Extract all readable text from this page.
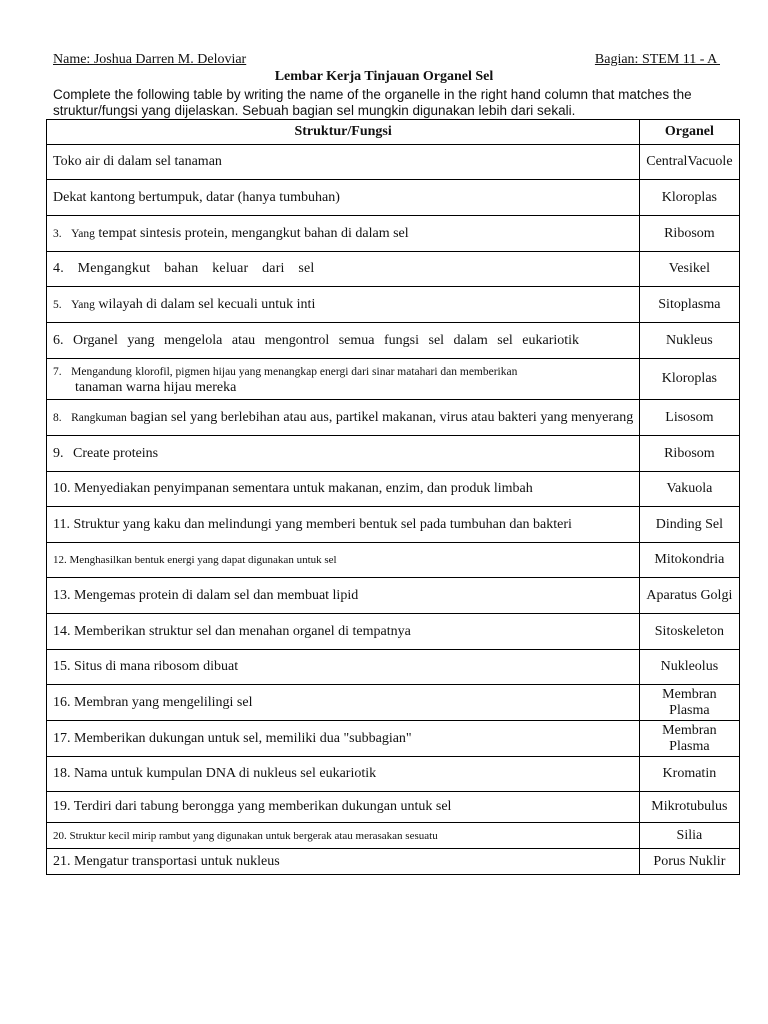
Name: Joshua Darren M. Deloviar	Bagian: STEM 11 - A
Lembar Kerja Tinjauan Organel Sel
Complete the following table by writing the name of the organelle in the right hand column that matches the struktur/fungsi yang dijelaskan. Sebuah bagian sel mungkin digunakan lebih dari sekali.
Struktur/Fungsi	Organel
Toko air di dalam sel tanaman	CentralVacuole
Dekat kantong bertumpuk, datar (hanya tumbuhan)	Kloroplas
3. Yang tempat sintesis protein, mengangkut bahan di dalam sel	Ribosom
4. Mengangkut bahan keluar dari sel	Vesikel
5. Yang wilayah di dalam sel kecuali untuk inti	Sitoplasma
6. Organel yang mengelola atau mengontrol semua fungsi sel dalam sel eukariotik	Nukleus

7. Mengandung klorofil, pigmen hijau yang menangkap energi dari sinar matahari dan memberikan
tanaman warna hijau mereka	Kloroplas
8. Rangkuman bagian sel yang berlebihan atau aus, partikel makanan, virus atau bakteri yang menyerang	Lisosom
9. Create proteins	Ribosom
10. Menyediakan penyimpanan sementara untuk makanan, enzim, dan produk limbah	Vakuola
11. Struktur yang kaku dan melindungi yang memberi bentuk sel pada tumbuhan dan bakteri	Dinding Sel
12. Menghasilkan bentuk energi yang dapat digunakan untuk sel	Mitokondria
13. Mengemas protein di dalam sel dan membuat lipid	Aparatus Golgi
14. Memberikan struktur sel dan menahan organel di tempatnya	Sitoskeleton
15. Situs di mana ribosom dibuat	Nukleolus
16. Membran yang mengelilingi sel	Membran Plasma
17. Memberikan dukungan untuk sel, memiliki dua "subbagian"	Membran Plasma
18. Nama untuk kumpulan DNA di nukleus sel eukariotik	Kromatin
19. Terdiri dari tabung berongga yang memberikan dukungan untuk sel	Mikrotubulus
20. Struktur kecil mirip rambut yang digunakan untuk bergerak atau merasakan sesuatu	Silia
21. Mengatur transportasi untuk nukleus	Porus Nuklir
